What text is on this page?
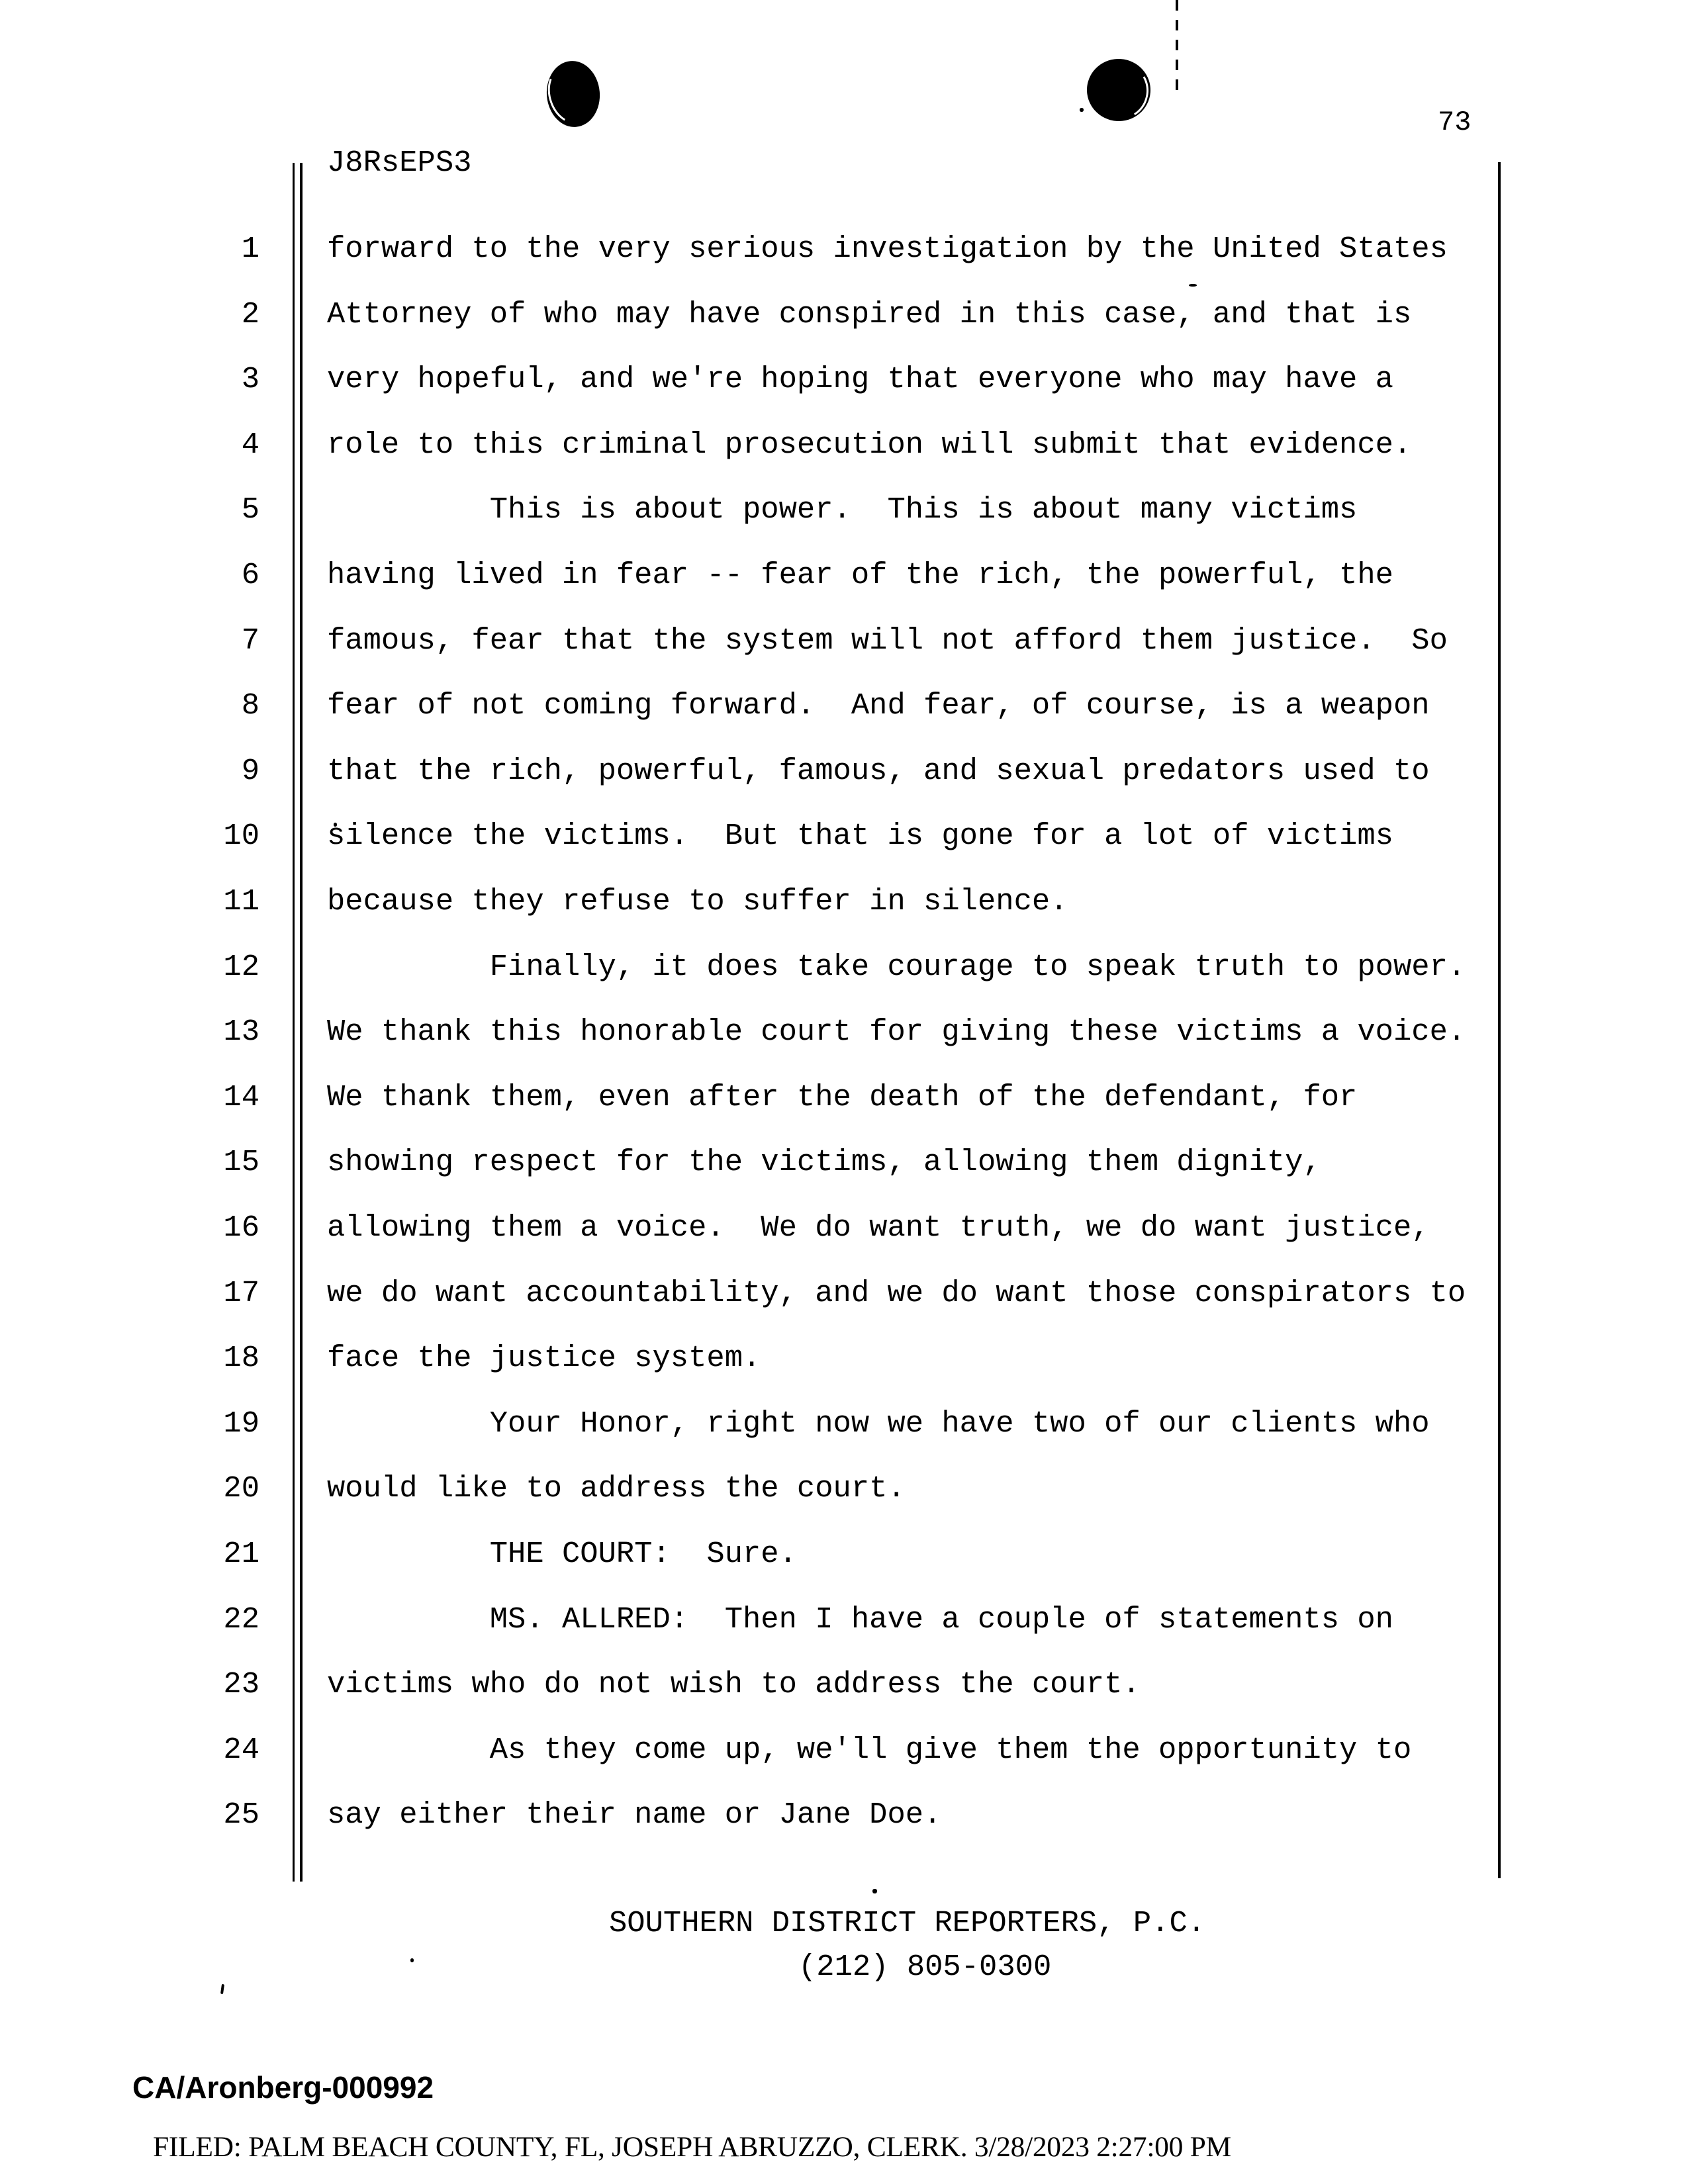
73
J8RsEPS3
1 forward to the very serious investigation by the United States
2 Attorney of who may have conspired in this case, and that is
3 very hopeful, and we're hoping that everyone who may have a
4 role to this criminal prosecution will submit that evidence.
5 This is about power.  This is about many victims
6 having lived in fear -- fear of the rich, the powerful, the
7 famous, fear that the system will not afford them justice.  So
8 fear of not coming forward.  And fear, of course, is a weapon
9 that the rich, powerful, famous, and sexual predators used to
10 silence the victims.  But that is gone for a lot of victims
11 because they refuse to suffer in silence.
12 Finally, it does take courage to speak truth to power.
13 We thank this honorable court for giving these victims a voice.
14 We thank them, even after the death of the defendant, for
15 showing respect for the victims, allowing them dignity,
16 allowing them a voice.  We do want truth, we do want justice,
17 we do want accountability, and we do want those conspirators to
18 face the justice system.
19 Your Honor, right now we have two of our clients who
20 would like to address the court.
21 THE COURT:  Sure.
22 MS. ALLRED:  Then I have a couple of statements on
23 victims who do not wish to address the court.
24 As they come up, we'll give them the opportunity to
25 say either their name or Jane Doe.
SOUTHERN DISTRICT REPORTERS, P.C.
(212) 805-0300
CA/Aronberg-000992
FILED: PALM BEACH COUNTY, FL, JOSEPH ABRUZZO, CLERK. 3/28/2023 2:27:00 PM
